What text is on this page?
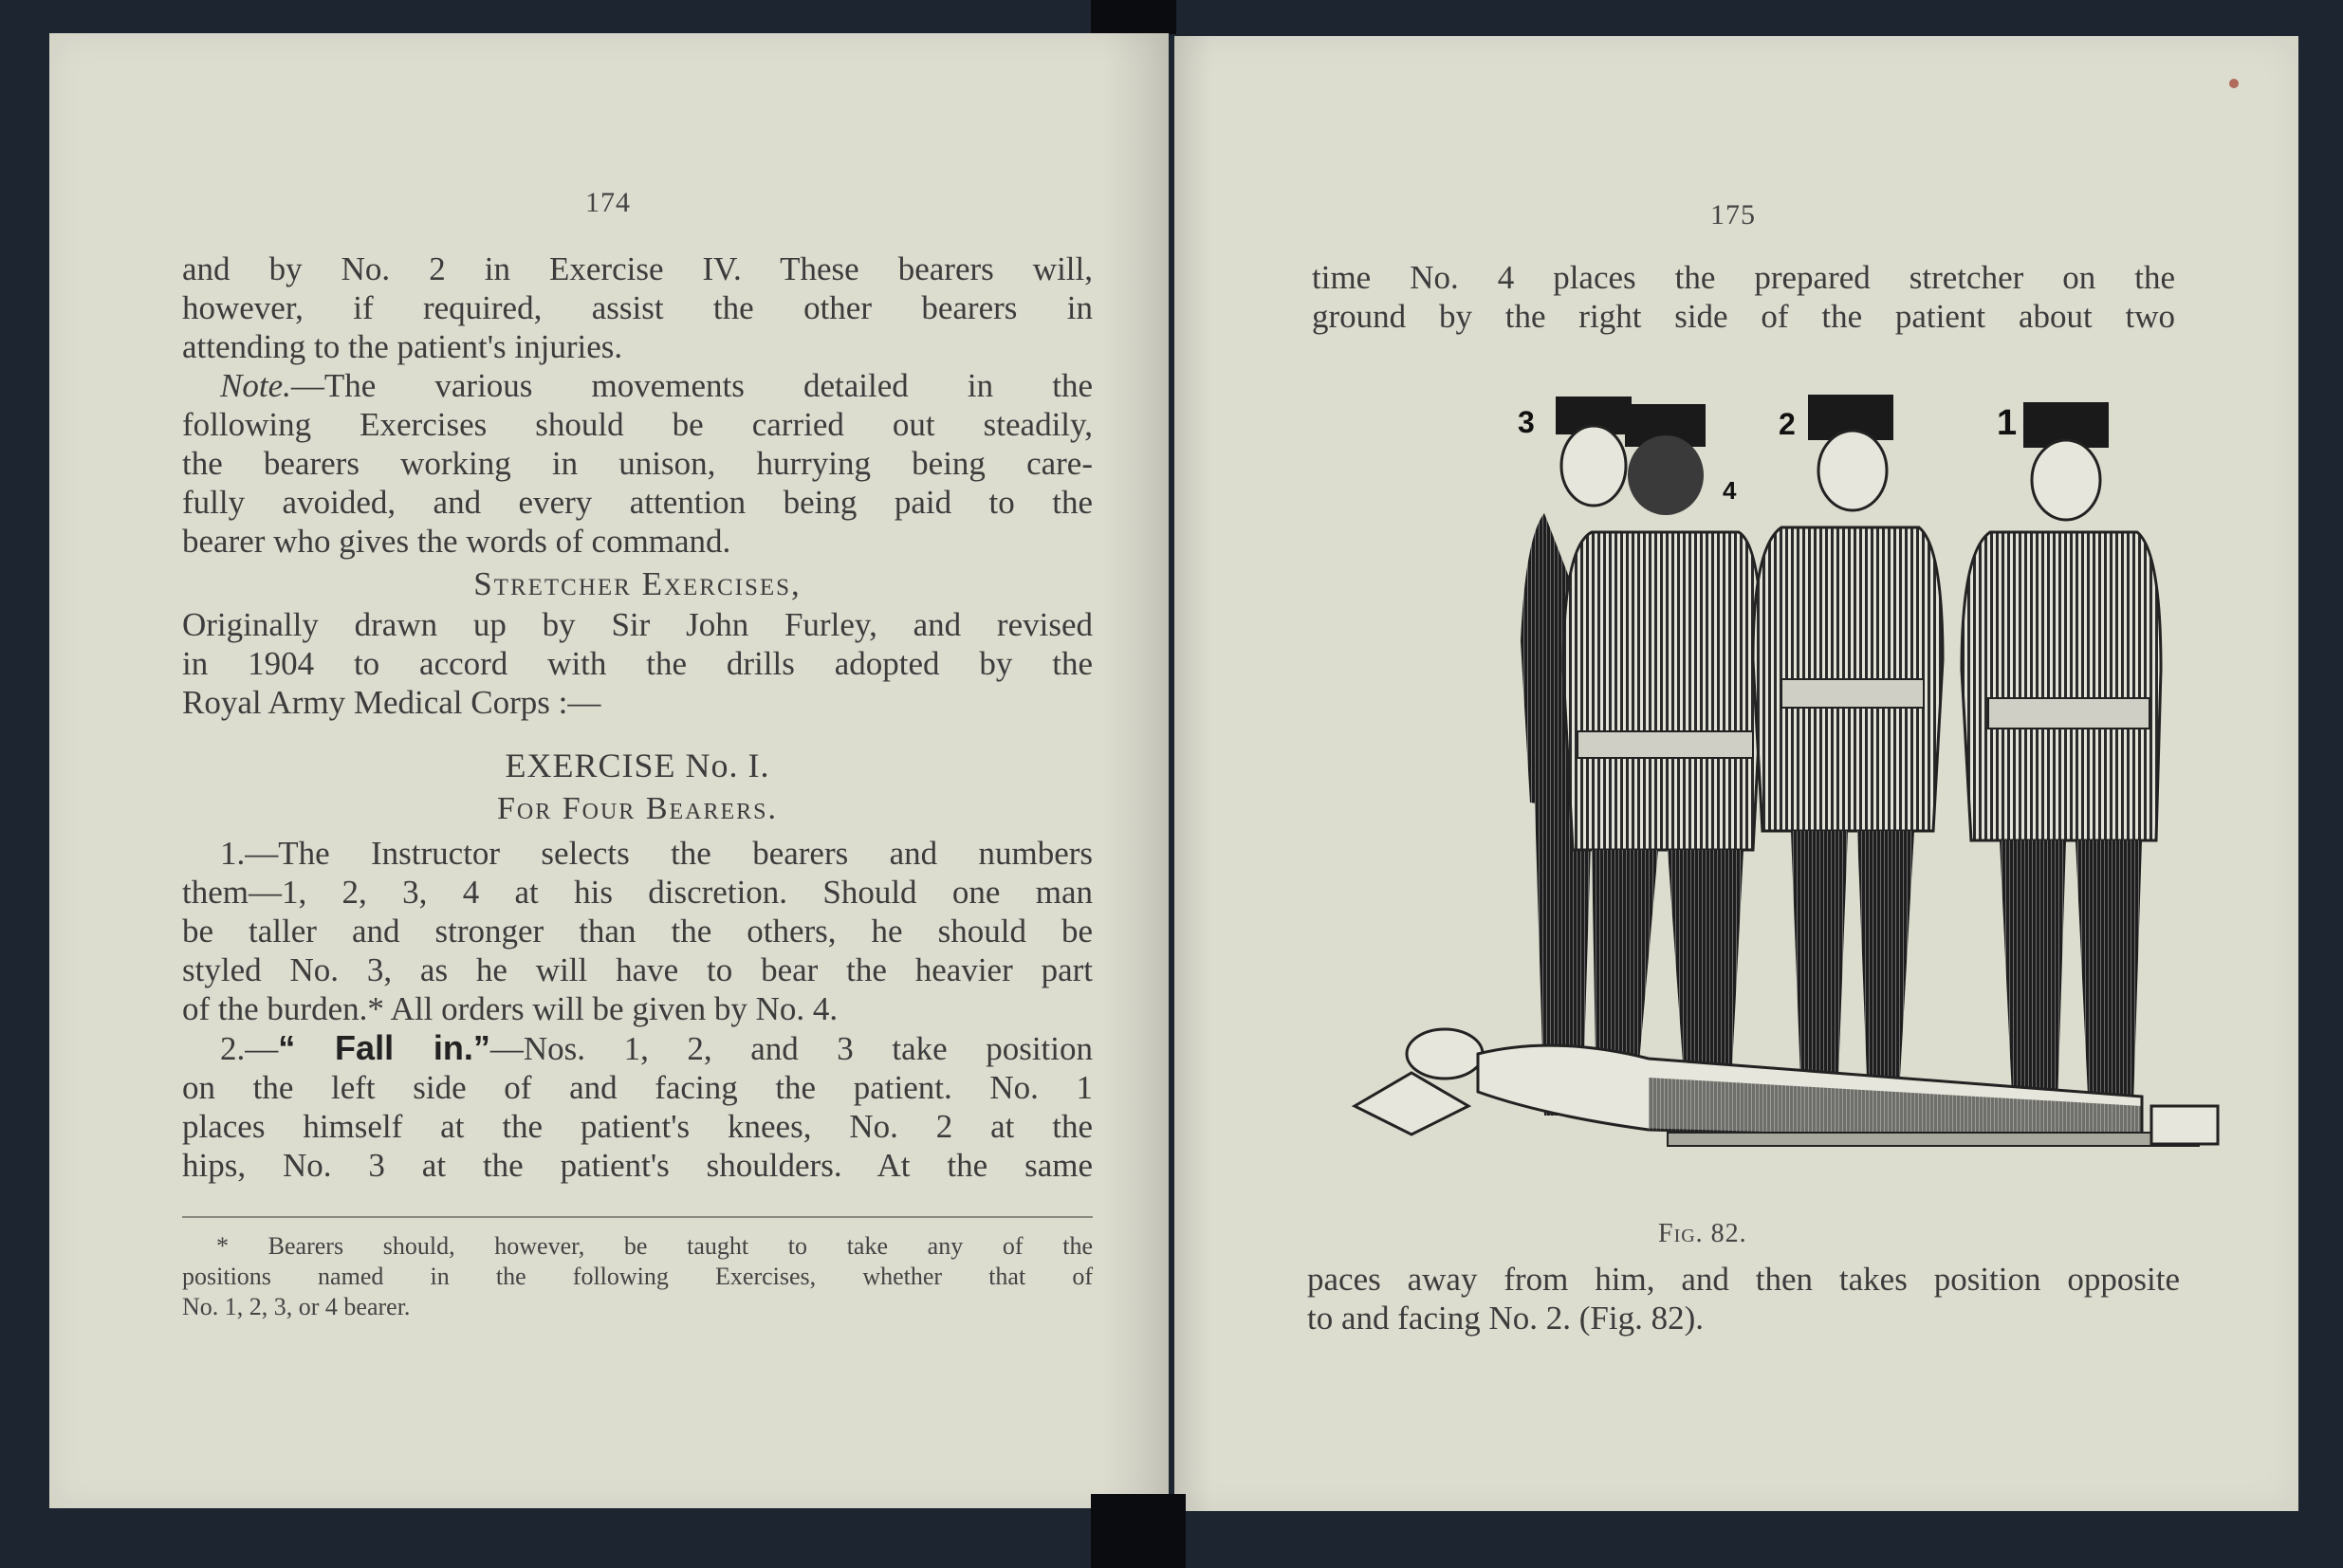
174
and by No. 2 in Exercise IV. These bearers will,
however, if required, assist the other bearers in
attending to the patient's injuries.
Note.—The various movements detailed in the
following Exercises should be carried out steadily,
the bearers working in unison, hurrying being care-
fully avoided, and every attention being paid to the
bearer who gives the words of command.
Stretcher Exercises,
Originally drawn up by Sir John Furley, and revised
in 1904 to accord with the drills adopted by the
Royal Army Medical Corps :—
EXERCISE No. I.
For Four Bearers.
1.—The Instructor selects the bearers and numbers
them—1, 2, 3, 4 at his discretion. Should one man
be taller and stronger than the others, he should be
styled No. 3, as he will have to bear the heavier part
of the burden.* All orders will be given by No. 4.
2.—“ Fall in.”—Nos. 1, 2, and 3 take position
on the left side of and facing the patient. No. 1
places himself at the patient's knees, No. 2 at the
hips, No. 3 at the patient's shoulders. At the same
* Bearers should, however, be taught to take any of the
positions named in the following Exercises, whether that of
No. 1, 2, 3, or 4 bearer.
175
time No. 4 places the prepared stretcher on the
ground by the right side of the patient about two
3	2	1
4
Fig. 82.
paces away from him, and then takes position opposite
to and facing No. 2. (Fig. 82).
